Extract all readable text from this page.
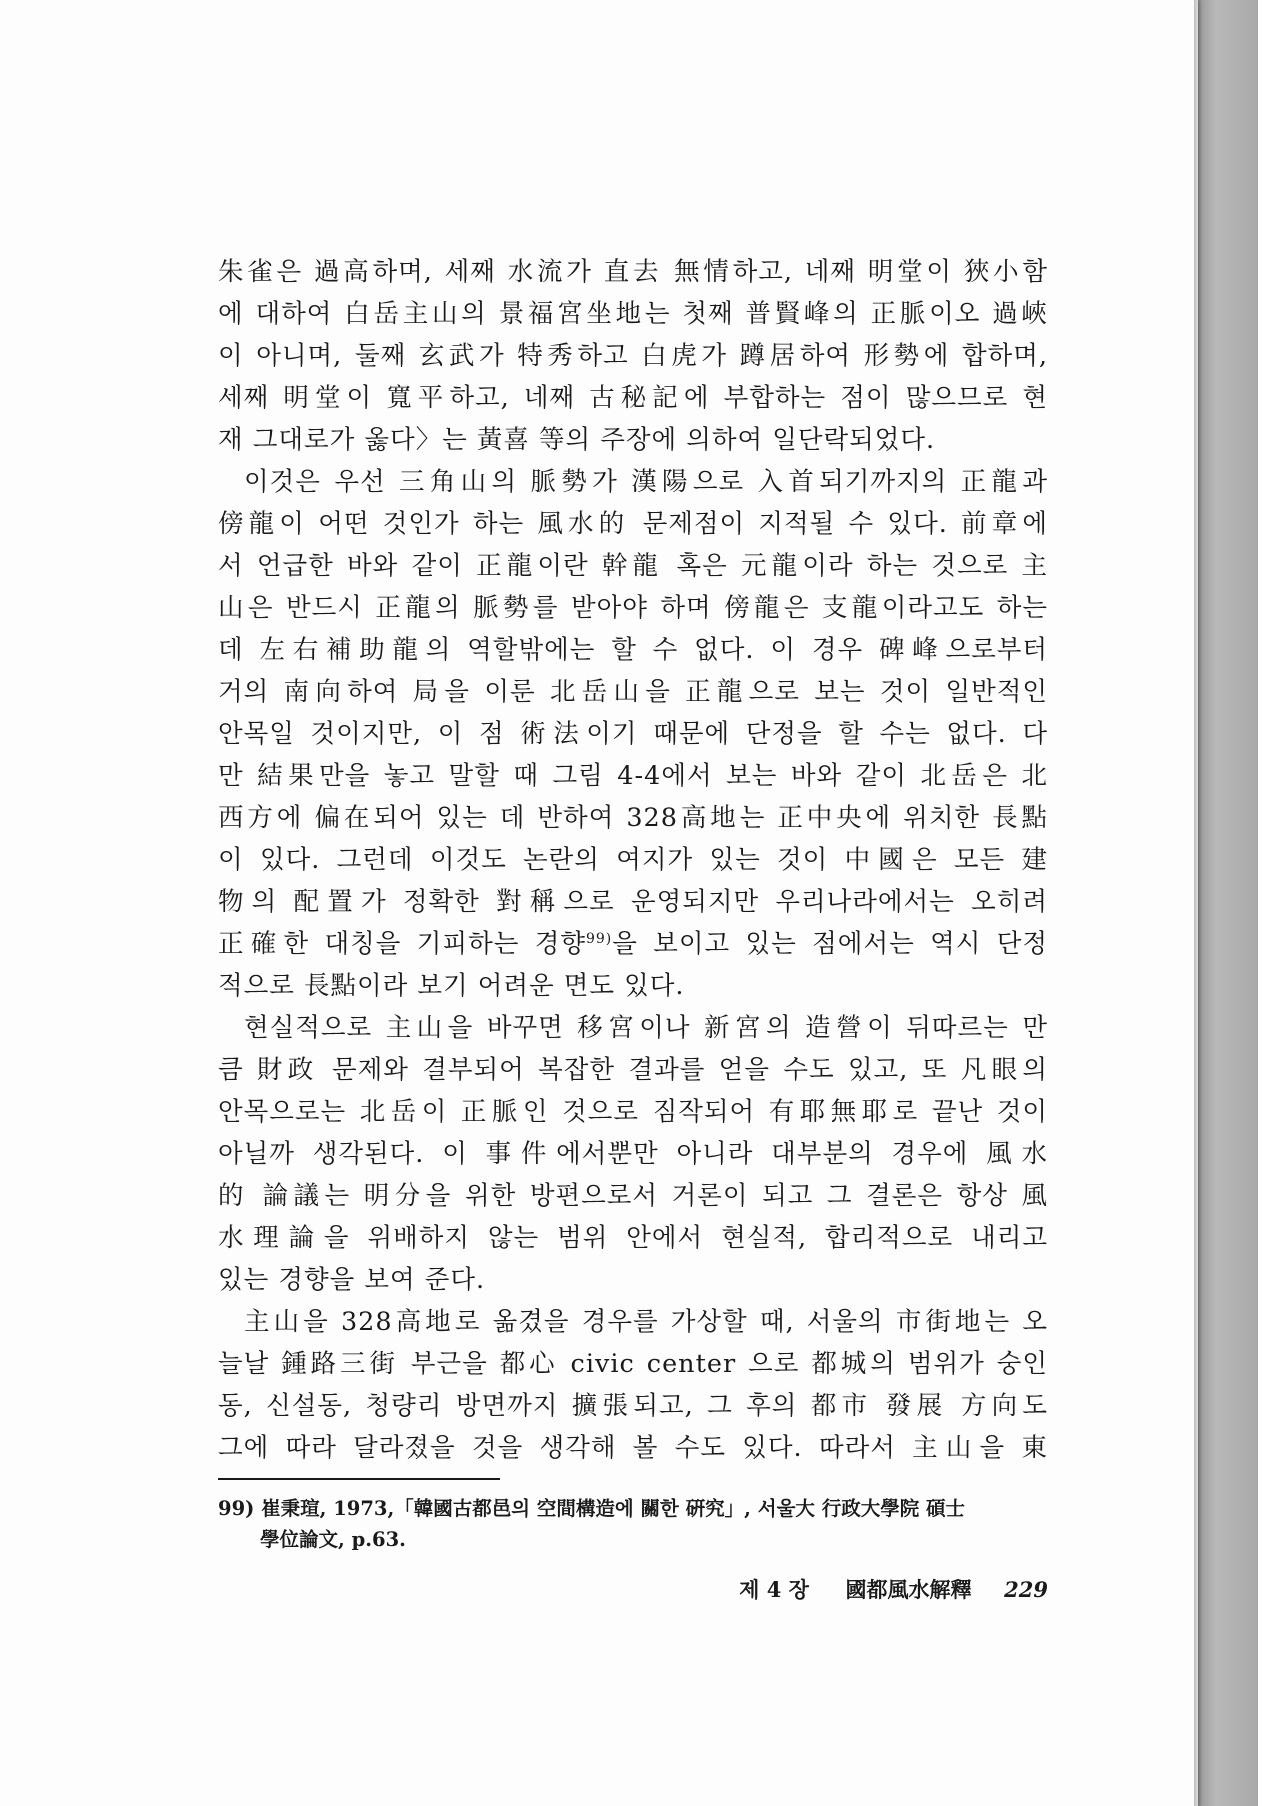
朱雀은 過高하며, 세째 水流가 直去 無情하고, 네째 明堂이 狹小함
에 대하여 白岳主山의 景福宮坐地는 첫째 普賢峰의 正脈이오 過峽
이 아니며, 둘째 玄武가 特秀하고 白虎가 蹲居하여 形勢에 합하며,
세째 明堂이 寬平하고, 네째 古秘記에 부합하는 점이 많으므로 현
재 그대로가 옳다〉는 黃喜 等의 주장에 의하여 일단락되었다.
이것은 우선 三角山의 脈勢가 漢陽으로 入首되기까지의 正龍과
傍龍이 어떤 것인가 하는 風水的 문제점이 지적될 수 있다. 前章에
서 언급한 바와 같이 正龍이란 幹龍 혹은 元龍이라 하는 것으로 主
山은 반드시 正龍의 脈勢를 받아야 하며 傍龍은 支龍이라고도 하는
데 左右補助龍의 역할밖에는 할 수 없다. 이 경우 碑峰으로부터
거의 南向하여 局을 이룬 北岳山을 正龍으로 보는 것이 일반적인
안목일 것이지만, 이 점 術法이기 때문에 단정을 할 수는 없다. 다
만 結果만을 놓고 말할 때 그림 4-4에서 보는 바와 같이 北岳은 北
西方에 偏在되어 있는 데 반하여 328高地는 正中央에 위치한 長點
이 있다. 그런데 이것도 논란의 여지가 있는 것이 中國은 모든 建
物의 配置가 정확한 對稱으로 운영되지만 우리나라에서는 오히려
正確한 대칭을 기피하는 경향$^{99)}$을 보이고 있는 점에서는 역시 단정
적으로 長點이라 보기 어려운 면도 있다.
현실적으로 主山을 바꾸면 移宮이나 新宮의 造營이 뒤따르는 만
큼 財政 문제와 결부되어 복잡한 결과를 얻을 수도 있고, 또 凡眼의
안목으로는 北岳이 正脈인 것으로 짐작되어 有耶無耶로 끝난 것이
아닐까 생각된다. 이 事件에서뿐만 아니라 대부분의 경우에 風水
的 論議는 明分을 위한 방편으로서 거론이 되고 그 결론은 항상 風
水理論을 위배하지 않는 범위 안에서 현실적, 합리적으로 내리고
있는 경향을 보여 준다.
主山을 328高地로 옮겼을 경우를 가상할 때, 서울의 市街地는 오
늘날 鍾路三街 부근을 都心 civic center 으로 都城의 범위가 숭인
동, 신설동, 청량리 방면까지 擴張되고, 그 후의 都市 發展 方向도
그에 따라 달라졌을 것을 생각해 볼 수도 있다. 따라서 主山을 東
99) 崔秉瑄, 1973,「韓國古都邑의 空間構造에 關한 硏究」, 서울大 行政大學院 碩士
學位論文, p.63.
제 4 장 國都風水解釋 229
